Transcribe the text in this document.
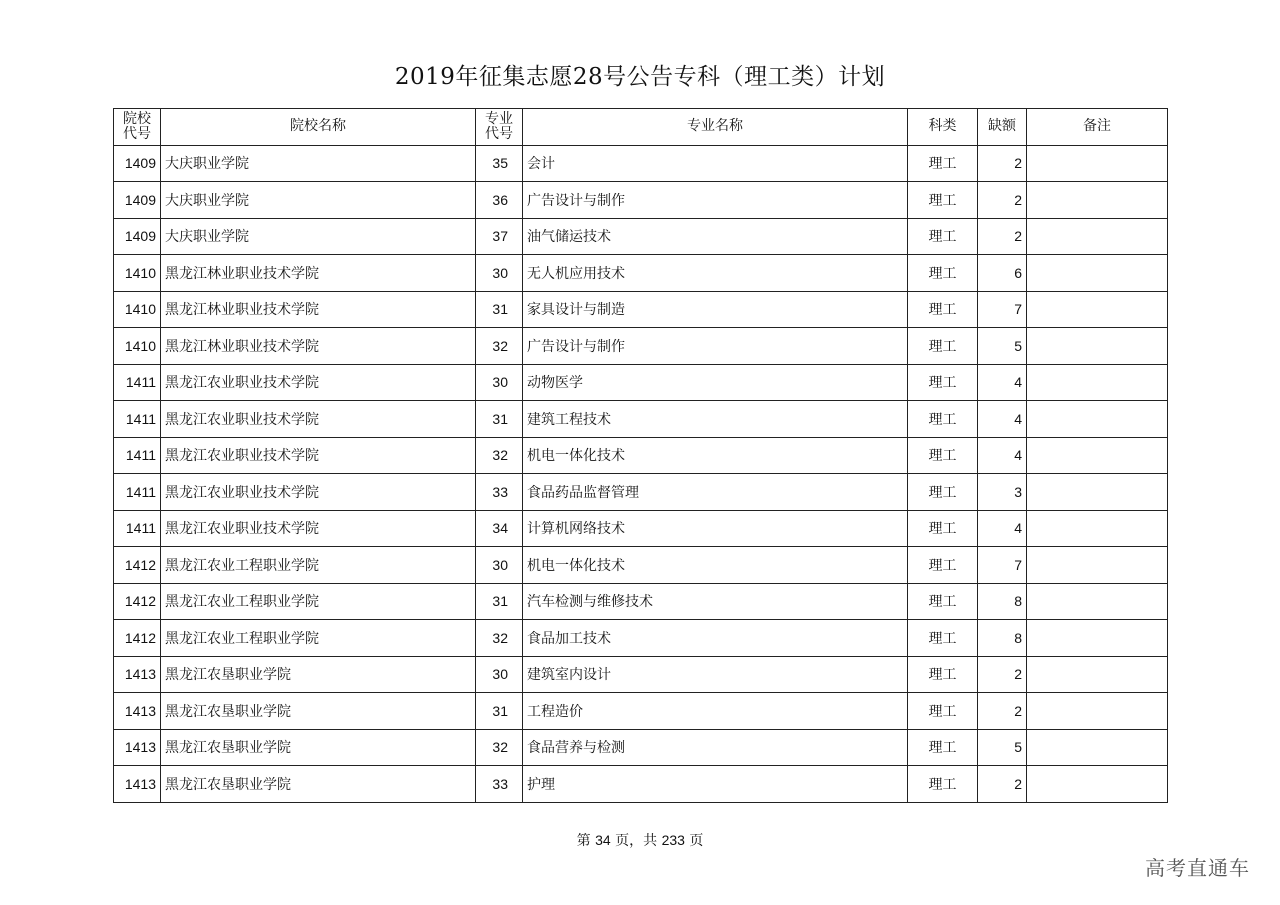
2019年征集志愿28号公告专科（理工类）计划
院校代号	院校名称	专业代号	专业名称	科类	缺额	备注
1409	大庆职业学院	35	会计	理工	2	
1409	大庆职业学院	36	广告设计与制作	理工	2	
1409	大庆职业学院	37	油气储运技术	理工	2	
1410	黑龙江林业职业技术学院	30	无人机应用技术	理工	6	
1410	黑龙江林业职业技术学院	31	家具设计与制造	理工	7	
1410	黑龙江林业职业技术学院	32	广告设计与制作	理工	5	
1411	黑龙江农业职业技术学院	30	动物医学	理工	4	
1411	黑龙江农业职业技术学院	31	建筑工程技术	理工	4	
1411	黑龙江农业职业技术学院	32	机电一体化技术	理工	4	
1411	黑龙江农业职业技术学院	33	食品药品监督管理	理工	3	
1411	黑龙江农业职业技术学院	34	计算机网络技术	理工	4	
1412	黑龙江农业工程职业学院	30	机电一体化技术	理工	7	
1412	黑龙江农业工程职业学院	31	汽车检测与维修技术	理工	8	
1412	黑龙江农业工程职业学院	32	食品加工技术	理工	8	
1413	黑龙江农垦职业学院	30	建筑室内设计	理工	2	
1413	黑龙江农垦职业学院	31	工程造价	理工	2	
1413	黑龙江农垦职业学院	32	食品营养与检测	理工	5	
1413	黑龙江农垦职业学院	33	护理	理工	2	
第 34 页，共 233 页
高考直通车
